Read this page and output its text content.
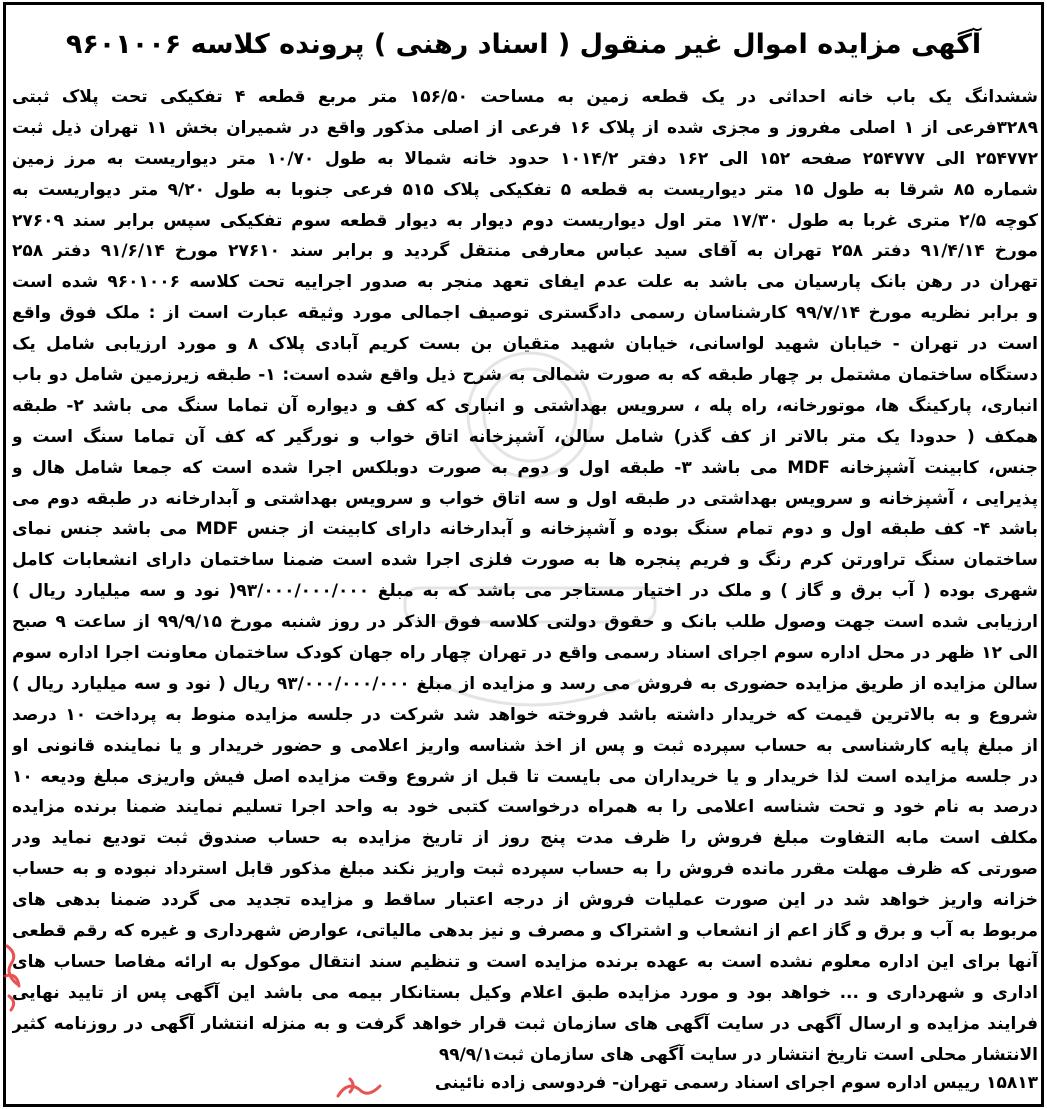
آگهی مزایده اموال غیر منقول ( اسناد رهنی ) پرونده کلاسه ۹۶۰۱۰۰۶
ششدانگ یک باب خانه احداثی در یک قطعه زمین به مساحت ۱۵۶/۵۰ متر مربع قطعه ۴ تفکیکی تحت پلاک ثبتی
۳۲۸۹فرعی از ۱ اصلی مفروز و مجزی شده از پلاک ۱۶ فرعی از اصلی مذکور واقع در شمیران بخش ۱۱ تهران ذیل ثبت
۲۵۴۷۷۲ الی ۲۵۴۷۷۷ صفحه ۱۵۲ الی ۱۶۲ دفتر ۱۰۱۴/۲ حدود خانه شمالا به طول ۱۰/۷۰ متر دیواریست به مرز زمین
شماره ۸۵ شرقا به طول ۱۵ متر دیواریست به قطعه ۵ تفکیکی پلاک ۵۱۵ فرعی جنوبا به طول ۹/۲۰ متر دیواریست به
کوچه ۲/۵ متری غربا به طول ۱۷/۳۰ متر اول دیواریست دوم دیوار به دیوار قطعه سوم تفکیکی سپس برابر سند ۲۷۶۰۹
مورخ ۹۱/۴/۱۴ دفتر ۲۵۸ تهران به آقای سید عباس معارفی منتقل گردید و برابر سند ۲۷۶۱۰ مورخ ۹۱/۶/۱۴ دفتر ۲۵۸
تهران در رهن بانک پارسیان می باشد به علت عدم ایفای تعهد منجر به صدور اجراییه تحت کلاسه ۹۶۰۱۰۰۶ شده است
و برابر نظریه مورخ ۹۹/۷/۱۴ کارشناسان رسمی دادگستری توصیف اجمالی مورد وثیقه عبارت است از : ملک فوق واقع
است در تهران - خیابان شهید لواسانی، خیابان شهید متقیان بن بست کریم آبادی پلاک ۸ و مورد ارزیابی شامل یک
دستگاه ساختمان مشتمل بر چهار طبقه که به صورت شمالی به شرح ذیل واقع شده است: ۱- طبقه زیرزمین شامل دو باب
انباری، پارکینگ ها، موتورخانه، راه پله ، سرویس بهداشتی و انباری که کف و دیواره آن تماما سنگ می باشد ۲- طبقه
همکف ( حدودا یک متر بالاتر از کف گذر) شامل سالن، آشپزخانه اتاق خواب و نورگیر که کف آن تماما سنگ است و
جنس، کابینت آشپزخانه MDF می باشد ۳- طبقه اول و دوم به صورت دوبلکس اجرا شده است که جمعا شامل هال و
پذیرایی ، آشپزخانه و سرویس بهداشتی در طبقه اول و سه اتاق خواب و سرویس بهداشتی و آبدارخانه در طبقه دوم می
باشد ۴- کف طبقه اول و دوم تمام سنگ بوده و آشپزخانه و آبدارخانه دارای کابینت از جنس MDF می باشد جنس نمای
ساختمان سنگ تراورتن کرم رنگ و فریم پنجره ها به صورت فلزی اجرا شده است ضمنا ساختمان دارای انشعابات کامل
شهری بوده ( آب برق و گاز ) و ملک در اختیار مستاجر می باشد که به مبلغ ۹۳/۰۰۰/۰۰۰/۰۰۰( نود و سه میلیارد ریال )
ارزیابی شده است جهت وصول طلب بانک و حقوق دولتی کلاسه فوق الذکر در روز شنبه مورخ ۹۹/۹/۱۵ از ساعت ۹ صبح
الی ۱۲ ظهر در محل اداره سوم اجرای اسناد رسمی واقع در تهران چهار راه جهان کودک ساختمان معاونت اجرا اداره سوم
سالن مزایده از طریق مزایده حضوری به فروش می رسد و مزایده از مبلغ ۹۳/۰۰۰/۰۰۰/۰۰۰ ریال ( نود و سه میلیارد ریال )
شروع و به بالاترین قیمت که خریدار داشته باشد فروخته خواهد شد شرکت در جلسه مزایده منوط به پرداخت ۱۰ درصد
از مبلغ پایه کارشناسی به حساب سپرده ثبت و پس از اخذ شناسه واریز اعلامی و حضور خریدار و یا نماینده قانونی او
در جلسه مزایده است لذا خریدار و یا خریداران می بایست تا قبل از شروع وقت مزایده اصل فیش واریزی مبلغ ودیعه ۱۰
درصد به نام خود و تحت شناسه اعلامی را به همراه درخواست کتبی خود به واحد اجرا تسلیم نمایند ضمنا برنده مزایده
مکلف است مابه التفاوت مبلغ فروش را ظرف مدت پنج روز از تاریخ مزایده به حساب صندوق ثبت تودیع نماید ودر
صورتی که ظرف مهلت مقرر مانده فروش را به حساب سپرده ثبت واریز نکند مبلغ مذکور قابل استرداد نبوده و به حساب
خزانه واریز خواهد شد در این صورت عملیات فروش از درجه اعتبار ساقط و مزایده تجدید می گردد ضمنا بدهی های
مربوط به آب و برق و گاز اعم از انشعاب و اشتراک و مصرف و نیز بدهی مالیاتی، عوارض شهرداری و غیره که رقم قطعی
آنها برای این اداره معلوم نشده است به عهده برنده مزایده است و تنظیم سند انتقال موکول به ارائه مفاصا حساب های
اداری و شهرداری و ... خواهد بود و مورد مزایده طبق اعلام وکیل بستانکار بیمه می باشد این آگهی پس از تایید نهایی
فرایند مزایده و ارسال آگهی در سایت آگهی های سازمان ثبت قرار خواهد گرفت و به منزله انتشار آگهی در روزنامه کثیر
الانتشار محلی است تاریخ انتشار در سایت آگهی های سازمان ثبت۹۹/۹/۱
۱۵۸۱۳ رییس اداره سوم اجرای اسناد رسمی تهران- فردوسی زاده نائینی
